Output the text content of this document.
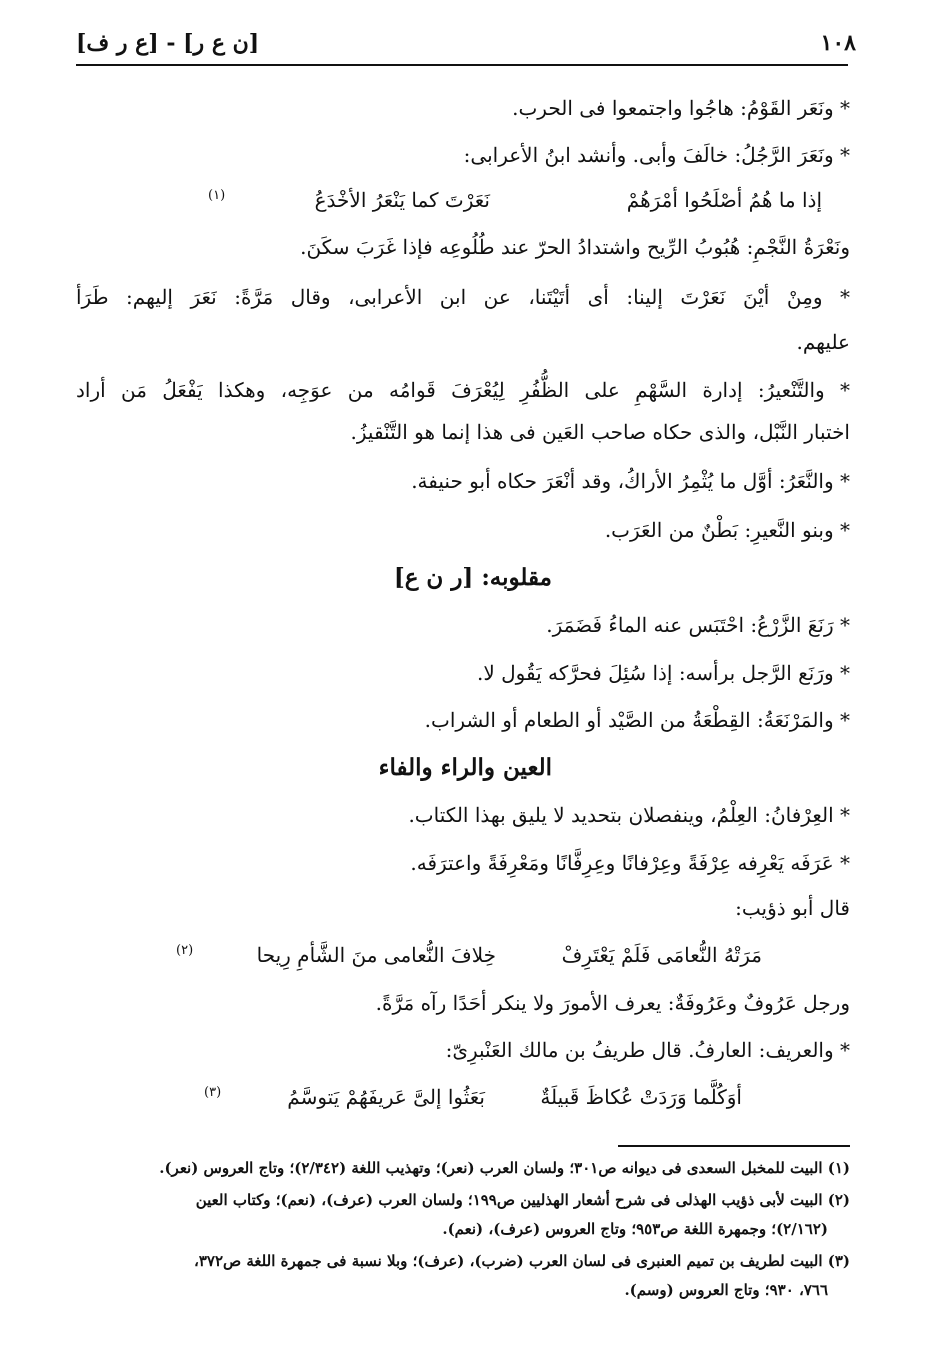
١٠٨
[ن ع ر] - [ع ر ف]
* ونَعَر القَوْمُ: هاجُوا واجتمعوا فى الحرب.
* ونَعَرَ الرَّجُلُ: خالَفَ وأبى. وأنشد ابنُ الأعرابى:
إذا ما هُمُ أصْلَحُوا أمْرَهُمْ
نَعَرْتَ كما يَنْعَرُ الأخْدَعُ
(١)
ونَعْرَةُ النَّجْمِ: هُبُوبُ الرِّيح واشتدادُ الحرّ عند طُلُوعِه فإذا غَرَبَ سكَنَ.
* ومِنْ أيْنَ نَعَرْتَ إلينا: أى أتَيْتَنا، عن ابن الأعرابى، وقال مَرَّةً: نَعَرَ إليهم: طَرَأ
عليهم.
* والتَّنْعيرُ: إدارة السَّهْمِ على الظُّفُرِ لِيُعْرَفَ قَوامُه من عوَجِه، وهكذا يَفْعَلُ مَن أراد
اختبار النَّبْل، والذى حكاه صاحب العَين فى هذا إنما هو التَّنْقيزُ.
* والنَّعَرُ: أوَّل ما يُثْمِرُ الأراكُ، وقد أنْعَرَ حكاه أبو حنيفة.
* وبنو النَّعيرِ: بَطْنٌ من العَرَب.
مقلوبه: [ر ن ع]
* رَنَعَ الزَّرْعُ: احْتَبَس عنه الماءُ فَضَمَرَ.
* ورَنَع الرَّجل برأسه: إذا سُئِلَ فحرَّكه يَقُول لا.
* والمَرْنَعَةُ: القِطْعَةُ من الصَّيْد أو الطعام أو الشراب.
العين والراء والفاء
* العِرْفانُ: العِلْمُ، وينفصلان بتحديد لا يليق بهذا الكتاب.
* عَرَفَه يَعْرِفه عِرْفَةً وعِرْفانًا وعِرِفَّانًا ومَعْرِفَةً واعترَفَه.
قال أبو ذؤيب:
مَرَتْهُ النُّعامَى فَلَمْ يَعْتَرِفْ
خِلافَ النُّعامى منَ الشَّأمِ رِيحا
(٢)
ورجل عَرُوفٌ وعَرُوفَةٌ: يعرف الأمورَ ولا ينكر أحَدًا رآه مَرَّةً.
* والعريف: العارفُ. قال طريفُ بن مالك العَنْبرِىّ:
أوَكُلَّما وَرَدَتْ عُكاظَ قَبيلَةٌ
بَعَثُوا إلىَّ عَريفَهُمْ يَتوسَّمُ
(٣)
(١) البيت للمخبل السعدى فى ديوانه ص٣٠١؛ ولسان العرب (نعر)؛ وتهذيب اللغة (٢/٣٤٢)؛ وتاج العروس (نعر).
(٢) البيت لأبى ذؤيب الهذلى فى شرح أشعار الهذليين ص١٩٩؛ ولسان العرب (عرف)، (نعم)؛ وكتاب العين
(٢/١٦٢)؛ وجمهرة اللغة ص٩٥٣؛ وتاج العروس (عرف)، (نعم).
(٣) البيت لطريف بن تميم العنبرى فى لسان العرب (ضرب)، (عرف)؛ وبلا نسبة فى جمهرة اللغة ص٣٧٢،
٧٦٦، ٩٣٠؛ وتاج العروس (وسم).
